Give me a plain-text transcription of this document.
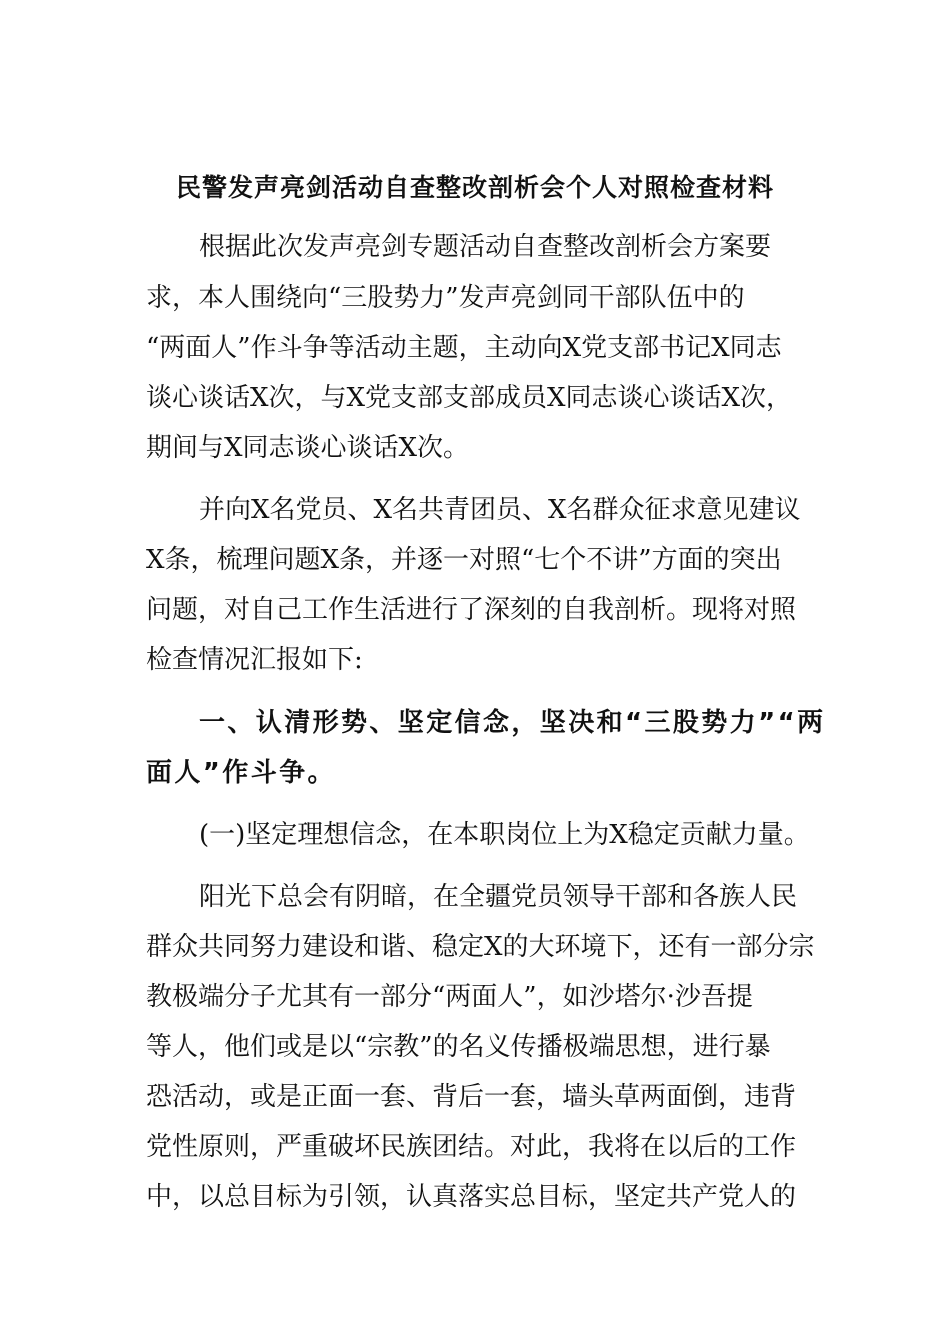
民警发声亮剑活动自查整改剖析会个人对照检查材料

根据此次发声亮剑专题活动自查整改剖析会方案要

求，本人围绕向“三股势力”发声亮剑同干部队伍中的

“两面人”作斗争等活动主题，主动向X党支部书记X同志

谈心谈话X次，与X党支部支部成员X同志谈心谈话X次，

期间与X同志谈心谈话X次。

并向X名党员、X名共青团员、X名群众征求意见建议

X条，梳理问题X条，并逐一对照“七个不讲”方面的突出

问题，对自己工作生活进行了深刻的自我剖析。现将对照

检查情况汇报如下:

一、认清形势、坚定信念，坚决和“三股势力”“两

面人”作斗争。

(一)坚定理想信念，在本职岗位上为X稳定贡献力量。

阳光下总会有阴暗，在全疆党员领导干部和各族人民

群众共同努力建设和谐、稳定X的大环境下，还有一部分宗

教极端分子尤其有一部分“两面人”，如沙塔尔·沙吾提

等人，他们或是以“宗教”的名义传播极端思想，进行暴

恐活动，或是正面一套、背后一套，墙头草两面倒，违背

党性原则，严重破坏民族团结。对此，我将在以后的工作

中，以总目标为引领，认真落实总目标，坚定共产党人的
